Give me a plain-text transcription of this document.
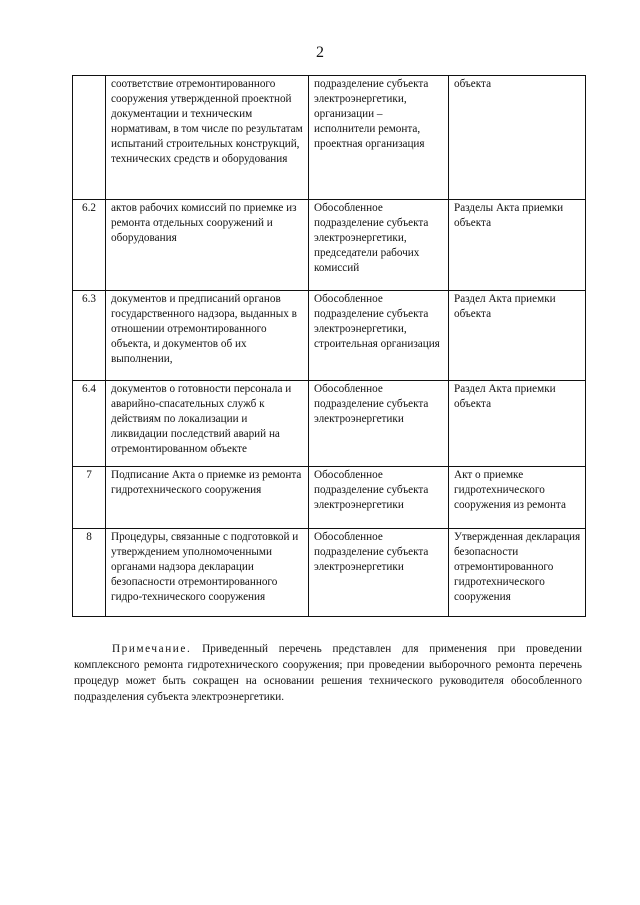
2
	соответствие отремонтированного сооружения утвержденной проектной документации и техническим нормативам, в том числе по результатам испытаний строительных конструкций, технических средств и оборудования	подразделение субъекта электроэнергетики, организации – исполнители ремонта, проектная организация	объекта
6.2	актов рабочих комиссий по приемке из ремонта отдельных сооружений и оборудования	Обособленное подразделение субъекта электроэнергетики, председатели рабочих комиссий	Разделы Акта приемки объекта
6.3	документов и предписаний органов государственного надзора, выданных в отношении отремонтированного объекта, и документов об их выполнении,	Обособленное подразделение субъекта электроэнергетики, строительная организация	Раздел Акта приемки объекта
6.4	документов о готовности персонала и аварийно-спасательных служб к действиям по локализации и ликвидации последствий аварий на отремонтированном объекте	Обособленное подразделение субъекта электроэнергетики	Раздел Акта приемки объекта
7	Подписание Акта о приемке из ремонта гидротехнического сооружения	Обособленное подразделение субъекта электроэнергетики	Акт о приемке гидротехнического сооружения из ремонта
8	Процедуры, связанные с подготовкой и утверждением уполномоченными органами надзора декларации безопасности отремонтированного гидро-технического сооружения	Обособленное подразделение субъекта электроэнергетики	Утвержденная декларация безопасности отремонтированного гидротехнического сооружения

Примечание. Приведенный перечень представлен для применения при проведении комплексного ремонта гидротехнического сооружения; при проведении выборочного ремонта перечень процедур может быть сокращен на основании решения технического руководителя обособленного подразделения субъекта электроэнергетики.
